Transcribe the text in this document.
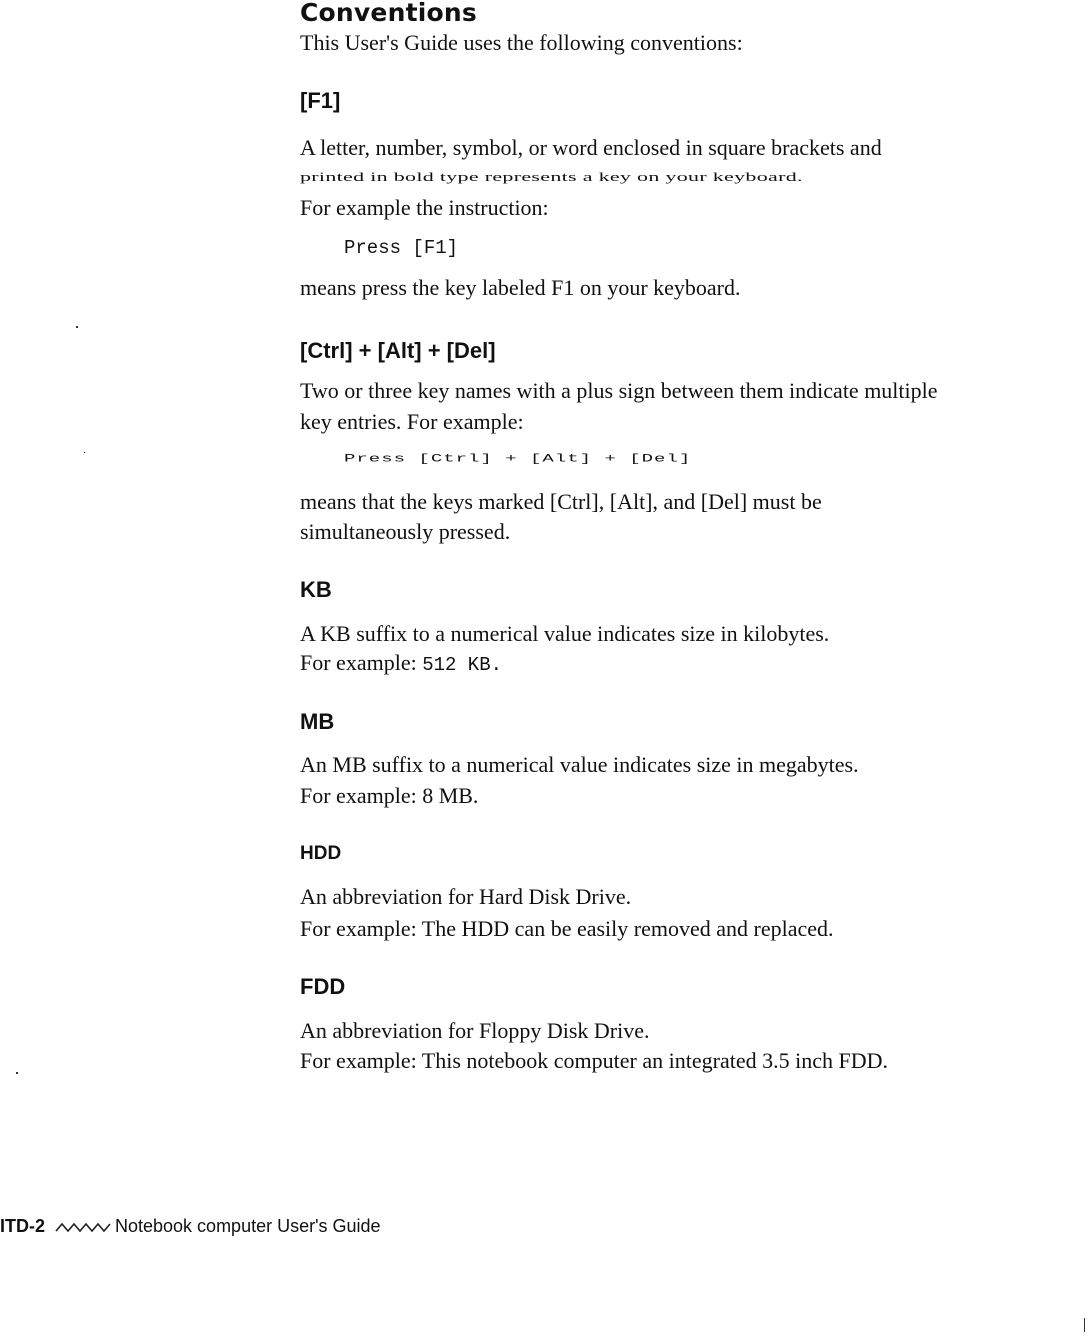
Conventions
This User's Guide uses the following conventions:
[F1]
A letter, number, symbol, or word enclosed in square brackets and
printed in bold type represents a key on your keyboard.
For example the instruction:
Press [F1]
means press the key labeled F1 on your keyboard.
[Ctrl] + [Alt] + [Del]
Two or three key names with a plus sign between them indicate multiple
key entries. For example:
Press [Ctrl] + [Alt] + [Del]
means that the keys marked [Ctrl], [Alt], and [Del] must be
simultaneously pressed.
KB
A KB suffix to a numerical value indicates size in kilobytes.
For example: 512 KB.
MB
An MB suffix to a numerical value indicates size in megabytes.
For example: 8 MB.
HDD
An abbreviation for Hard Disk Drive.
For example: The HDD can be easily removed and replaced.
FDD
An abbreviation for Floppy Disk Drive.
For example: This notebook computer an integrated 3.5 inch FDD.
ITD-2	Notebook computer User's Guide
